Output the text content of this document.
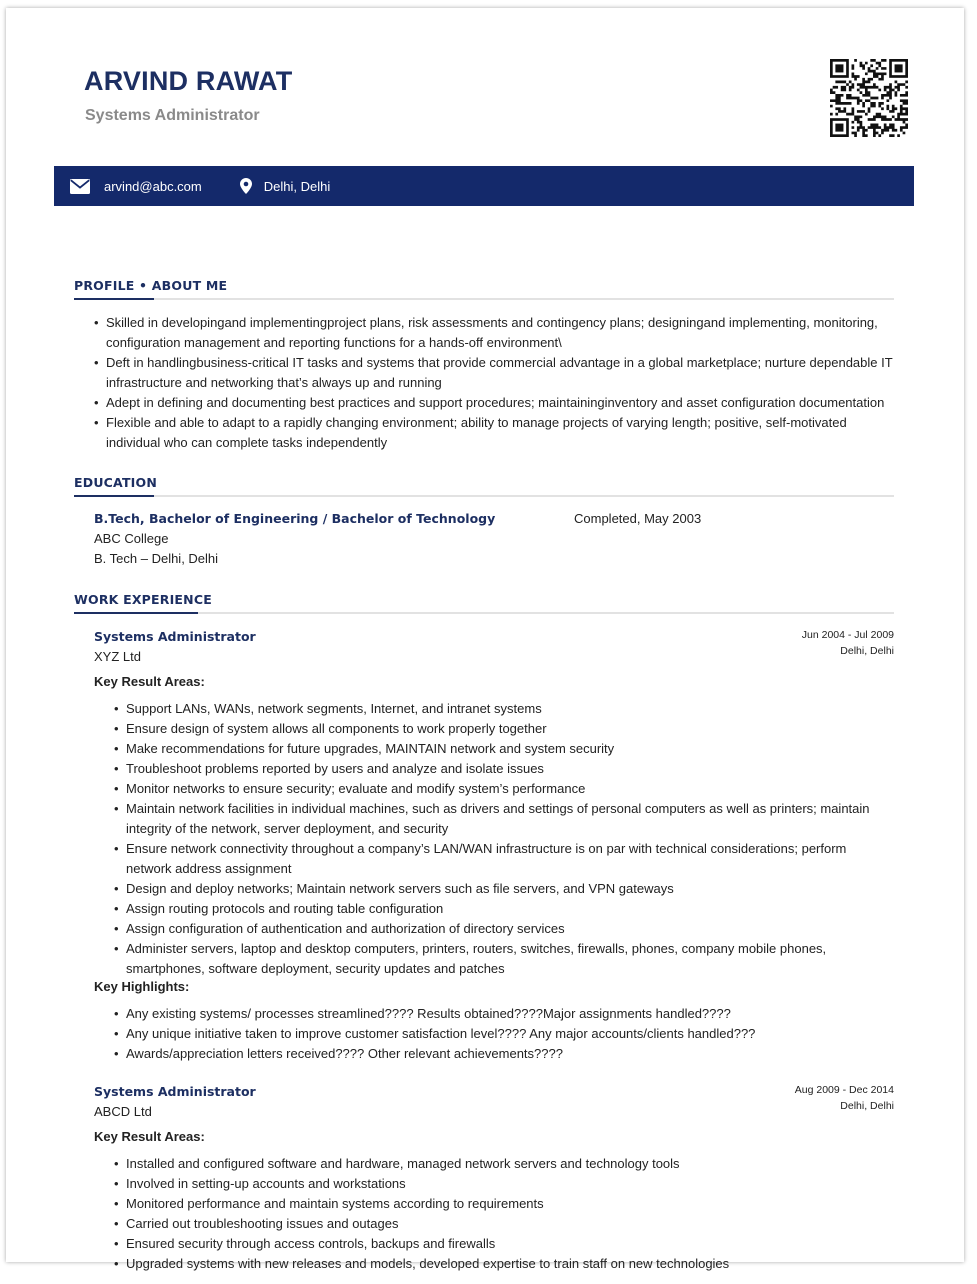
ARVIND RAWAT
Systems Administrator
arvind@abc.com	Delhi, Delhi
PROFILE • ABOUT ME
• Skilled in developingand implementingproject plans, risk assessments and contingency plans; designingand implementing, monitoring, configuration management and reporting functions for a hands-off environment\
• Deft in handlingbusiness-critical IT tasks and systems that provide commercial advantage in a global marketplace; nurture dependable IT infrastructure and networking that’s always up and running
• Adept in defining and documenting best practices and support procedures; maintaininginventory and asset configuration documentation
• Flexible and able to adapt to a rapidly changing environment; ability to manage projects of varying length; positive, self-motivated individual who can complete tasks independently
EDUCATION
B.Tech, Bachelor of Engineering / Bachelor of Technology	Completed, May 2003
ABC College
B. Tech – Delhi, Delhi
WORK EXPERIENCE
Systems Administrator
XYZ Ltd
Jun 2004 - Jul 2009
Delhi, Delhi
Key Result Areas:
• Support LANs, WANs, network segments, Internet, and intranet systems
• Ensure design of system allows all components to work properly together
• Make recommendations for future upgrades, MAINTAIN network and system security
• Troubleshoot problems reported by users and analyze and isolate issues
• Monitor networks to ensure security; evaluate and modify system’s performance
• Maintain network facilities in individual machines, such as drivers and settings of personal computers as well as printers; maintain integrity of the network, server deployment, and security
• Ensure network connectivity throughout a company’s LAN/WAN infrastructure is on par with technical considerations; perform network address assignment
• Design and deploy networks; Maintain network servers such as file servers, and VPN gateways
• Assign routing protocols and routing table configuration
• Assign configuration of authentication and authorization of directory services
• Administer servers, laptop and desktop computers, printers, routers, switches, firewalls, phones, company mobile phones, smartphones, software deployment, security updates and patches
Key Highlights:
• Any existing systems/ processes streamlined???? Results obtained????Major assignments handled????
• Any unique initiative taken to improve customer satisfaction level???? Any major accounts/clients handled???
• Awards/appreciation letters received???? Other relevant achievements????
Systems Administrator
ABCD Ltd
Aug 2009 - Dec 2014
Delhi, Delhi
Key Result Areas:
• Installed and configured software and hardware, managed network servers and technology tools
• Involved in setting-up accounts and workstations
• Monitored performance and maintain systems according to requirements
• Carried out troubleshooting issues and outages
• Ensured security through access controls, backups and firewalls
• Upgraded systems with new releases and models, developed expertise to train staff on new technologies
